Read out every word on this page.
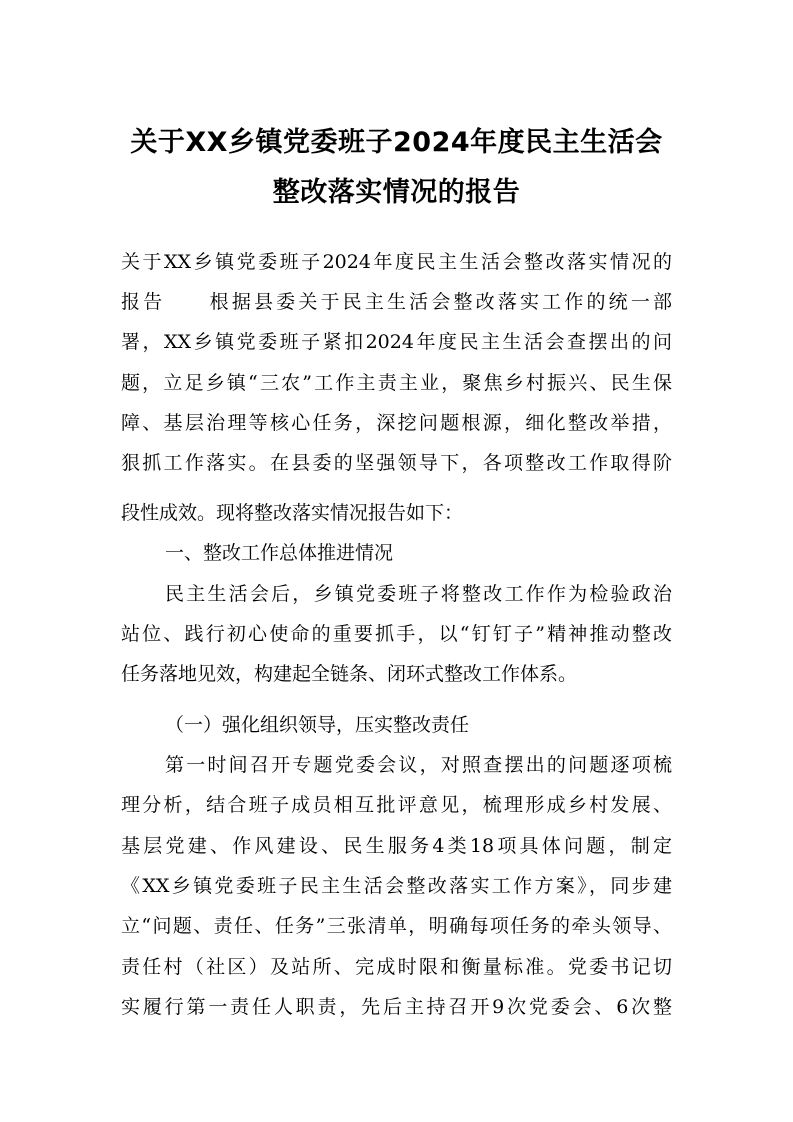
关于XX乡镇党委班子2024年度民主生活会
整改落实情况的报告
关于XX乡镇党委班子2024年度民主生活会整改落实情况的
报告　　根据县委关于民主生活会整改落实工作的统一部
署，XX乡镇党委班子紧扣2024年度民主生活会查摆出的问
题，立足乡镇“三农”工作主责主业，聚焦乡村振兴、民生保
障、基层治理等核心任务，深挖问题根源，细化整改举措，
狠抓工作落实。在县委的坚强领导下，各项整改工作取得阶
段性成效。现将整改落实情况报告如下：
一、整改工作总体推进情况
民主生活会后，乡镇党委班子将整改工作作为检验政治
站位、践行初心使命的重要抓手，以“钉钉子”精神推动整改
任务落地见效，构建起全链条、闭环式整改工作体系。
（一）强化组织领导，压实整改责任
第一时间召开专题党委会议，对照查摆出的问题逐项梳
理分析，结合班子成员相互批评意见，梳理形成乡村发展、
基层党建、作风建设、民生服务4类18项具体问题，制定
《XX乡镇党委班子民主生活会整改落实工作方案》，同步建
立“问题、责任、任务”三张清单，明确每项任务的牵头领导、
责任村（社区）及站所、完成时限和衡量标准。党委书记切
实履行第一责任人职责，先后主持召开9次党委会、6次整
